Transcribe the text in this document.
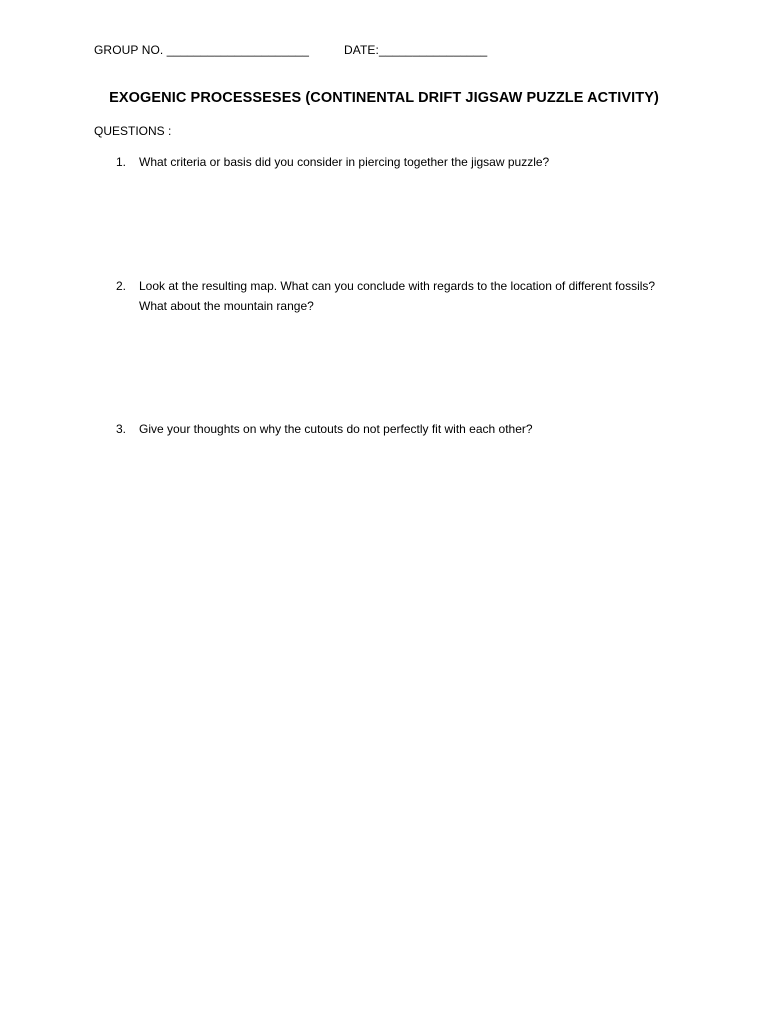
GROUP NO. _____________________	DATE:________________
EXOGENIC PROCESSESES (CONTINENTAL DRIFT JIGSAW PUZZLE ACTIVITY)
QUESTIONS :
1.	What criteria or basis did you consider in piercing together the jigsaw puzzle?
2.	Look at the resulting map. What can you conclude with regards to the location of different fossils? What about the mountain range?
3.	Give your thoughts on why the cutouts do not perfectly fit with each other?
